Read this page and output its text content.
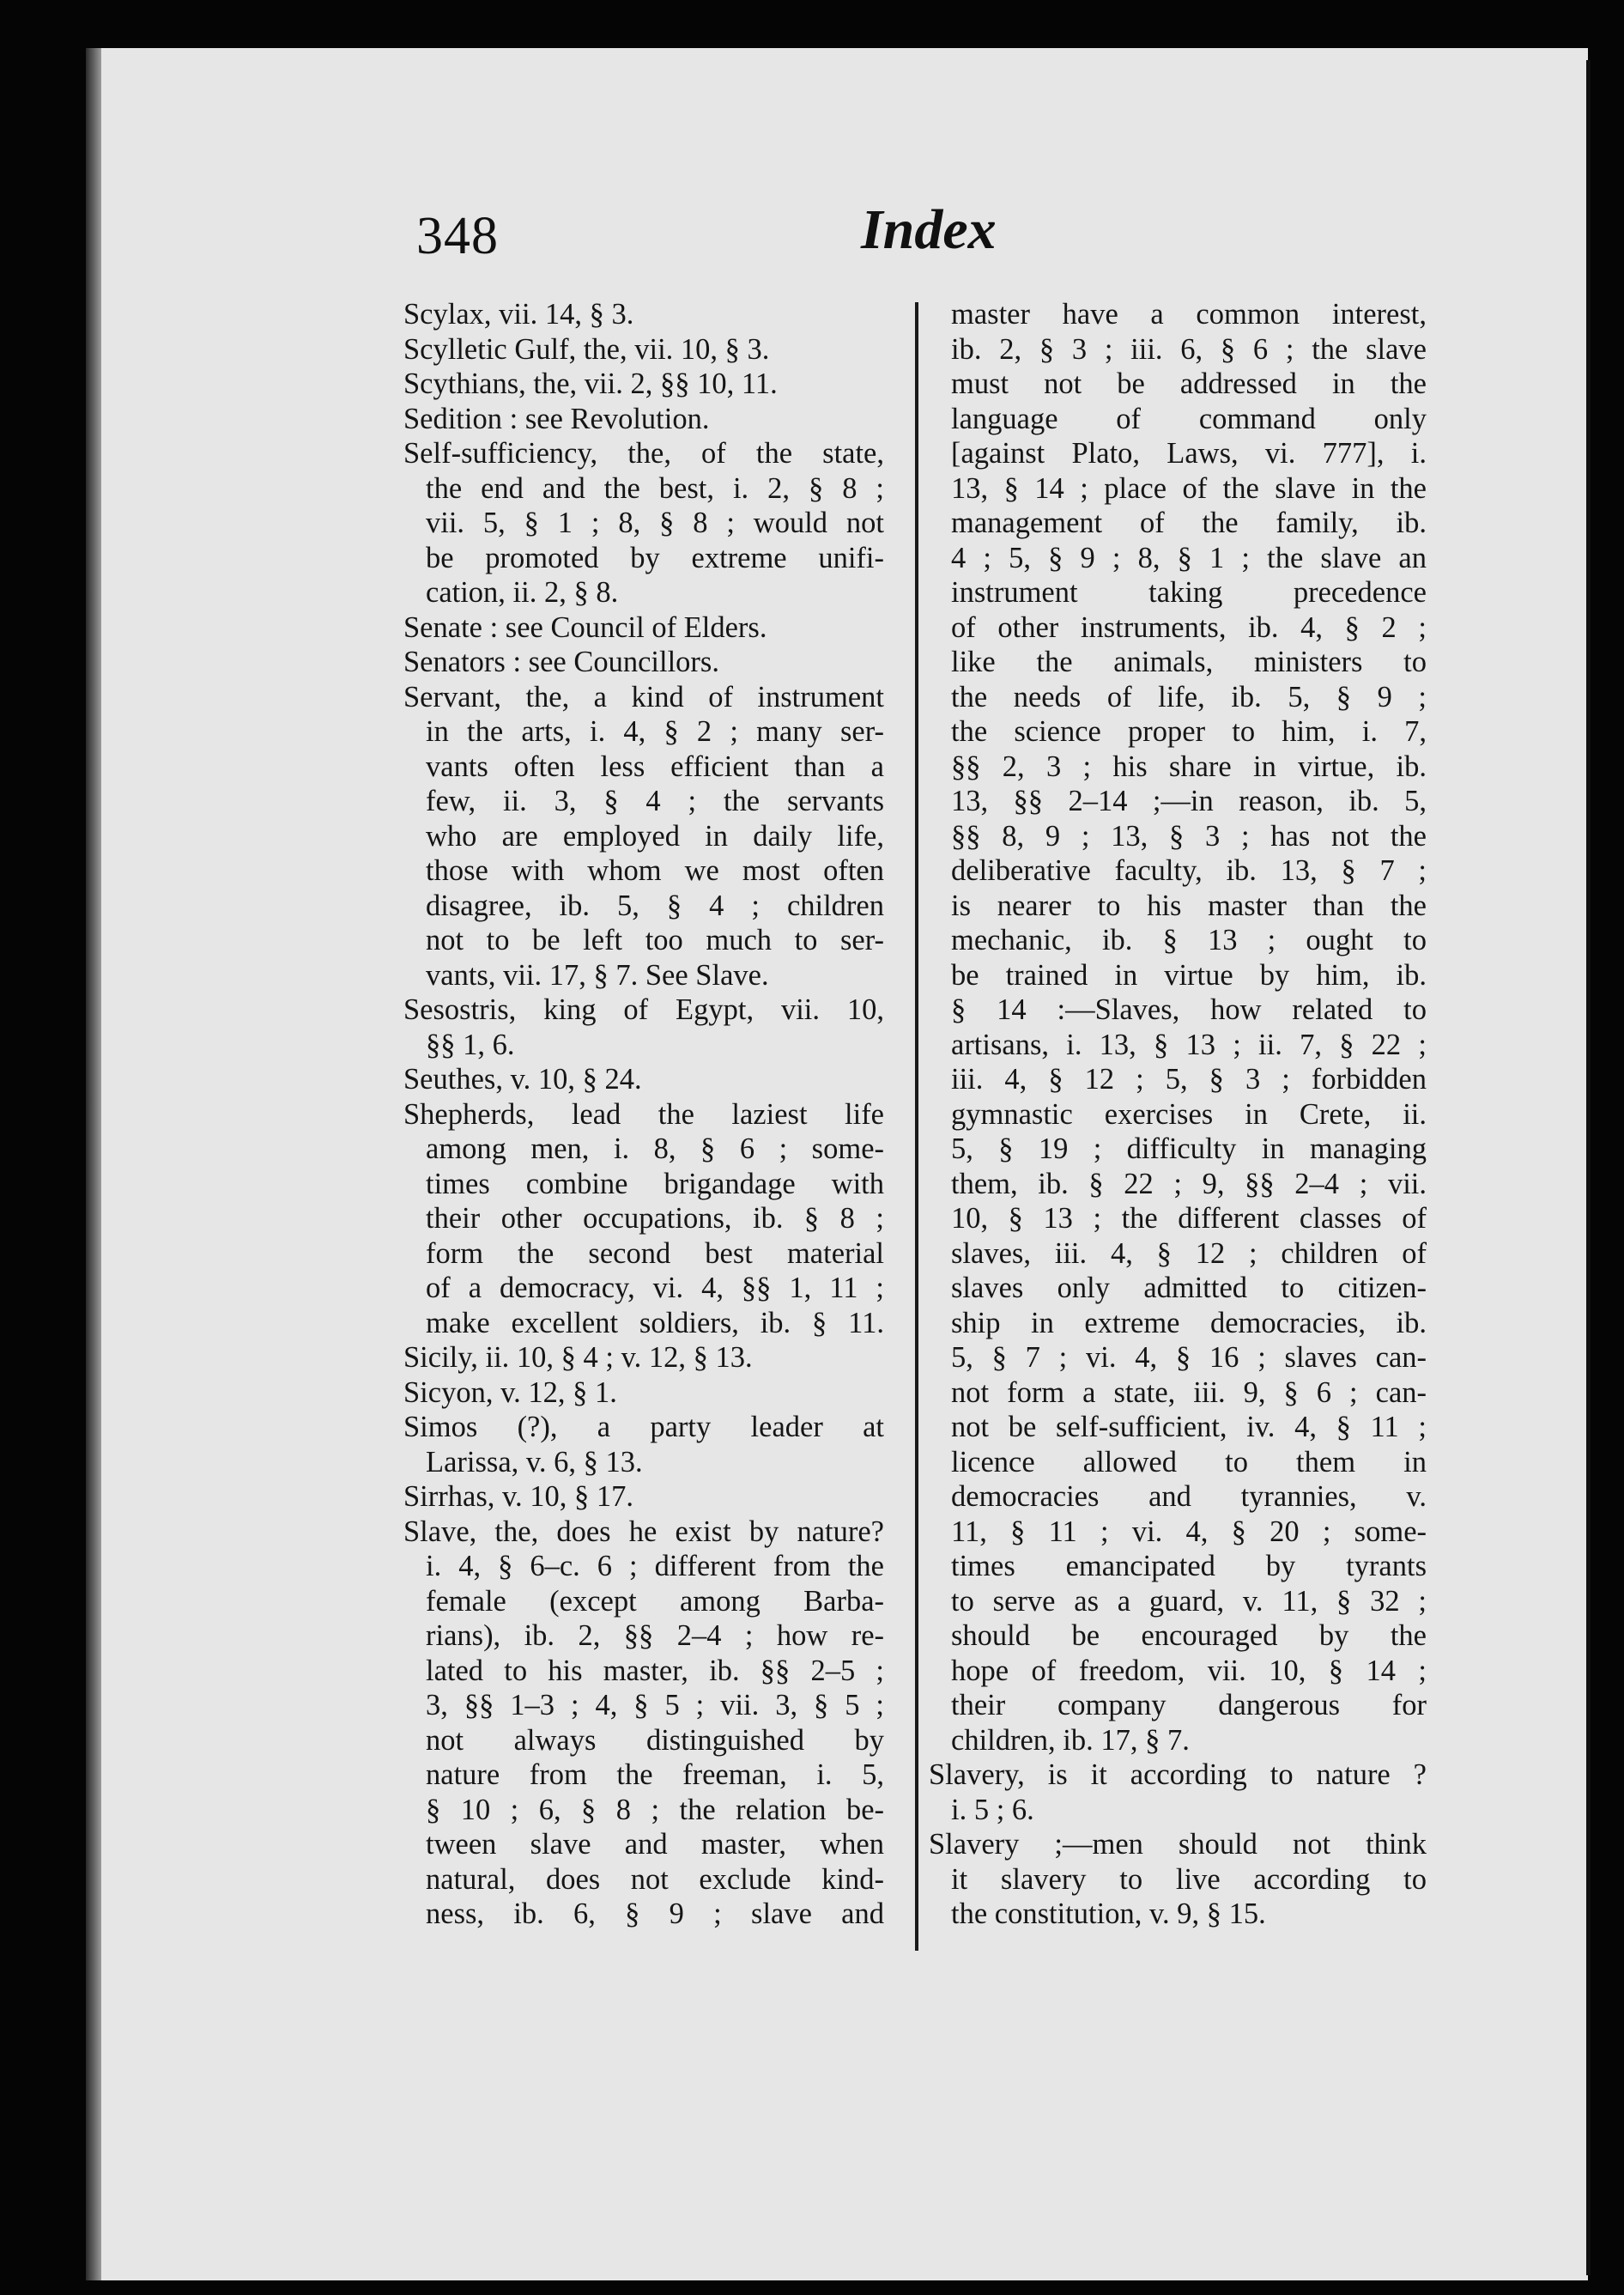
348	Index
Scylax, vii. 14, § 3.
Scylletic Gulf, the, vii. 10, § 3.
Scythians, the, vii. 2, §§ 10, 11.
Sedition : see Revolution.
Self-sufficiency, the, of the state,
the end and the best, i. 2, § 8 ;
vii. 5, § 1 ; 8, § 8 ; would not
be promoted by extreme unifi-
cation, ii. 2, § 8.
Senate : see Council of Elders.
Senators : see Councillors.
Servant, the, a kind of instrument
in the arts, i. 4, § 2 ; many ser-
vants often less efficient than a
few, ii. 3, § 4 ; the servants
who are employed in daily life,
those with whom we most often
disagree, ib. 5, § 4 ; children
not to be left too much to ser-
vants, vii. 17, § 7. See Slave.
Sesostris, king of Egypt, vii. 10,
§§ 1, 6.
Seuthes, v. 10, § 24.
Shepherds, lead the laziest life
among men, i. 8, § 6 ; some-
times combine brigandage with
their other occupations, ib. § 8 ;
form the second best material
of a democracy, vi. 4, §§ 1, 11 ;
make excellent soldiers, ib. § 11.
Sicily, ii. 10, § 4 ; v. 12, § 13.
Sicyon, v. 12, § 1.
Simos (?), a party leader at
Larissa, v. 6, § 13.
Sirrhas, v. 10, § 17.
Slave, the, does he exist by nature?
i. 4, § 6–c. 6 ; different from the
female (except among Barba-
rians), ib. 2, §§ 2–4 ; how re-
lated to his master, ib. §§ 2–5 ;
3, §§ 1–3 ; 4, § 5 ; vii. 3, § 5 ;
not always distinguished by
nature from the freeman, i. 5,
§ 10 ; 6, § 8 ; the relation be-
tween slave and master, when
natural, does not exclude kind-
ness, ib. 6, § 9 ; slave and
master have a common interest,
ib. 2, § 3 ; iii. 6, § 6 ; the slave
must not be addressed in the
language of command only
[against Plato, Laws, vi. 777], i.
13, § 14 ; place of the slave in the
management of the family, ib.
4 ; 5, § 9 ; 8, § 1 ; the slave an
instrument taking precedence
of other instruments, ib. 4, § 2 ;
like the animals, ministers to
the needs of life, ib. 5, § 9 ;
the science proper to him, i. 7,
§§ 2, 3 ; his share in virtue, ib.
13, §§ 2–14 ;—in reason, ib. 5,
§§ 8, 9 ; 13, § 3 ; has not the
deliberative faculty, ib. 13, § 7 ;
is nearer to his master than the
mechanic, ib. § 13 ; ought to
be trained in virtue by him, ib.
§ 14 :—Slaves, how related to
artisans, i. 13, § 13 ; ii. 7, § 22 ;
iii. 4, § 12 ; 5, § 3 ; forbidden
gymnastic exercises in Crete, ii.
5, § 19 ; difficulty in managing
them, ib. § 22 ; 9, §§ 2–4 ; vii.
10, § 13 ; the different classes of
slaves, iii. 4, § 12 ; children of
slaves only admitted to citizen-
ship in extreme democracies, ib.
5, § 7 ; vi. 4, § 16 ; slaves can-
not form a state, iii. 9, § 6 ; can-
not be self-sufficient, iv. 4, § 11 ;
licence allowed to them in
democracies and tyrannies, v.
11, § 11 ; vi. 4, § 20 ; some-
times emancipated by tyrants
to serve as a guard, v. 11, § 32 ;
should be encouraged by the
hope of freedom, vii. 10, § 14 ;
their company dangerous for
children, ib. 17, § 7.
Slavery, is it according to nature ?
i. 5 ; 6.
Slavery ;—men should not think
it slavery to live according to
the constitution, v. 9, § 15.
